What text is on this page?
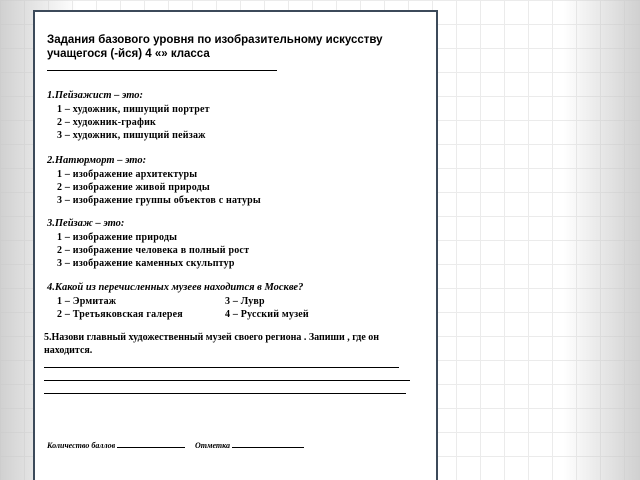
Задания базового уровня по изобразительному искусству
учащегося (-йся) 4 «» класса
1.Пейзажист – это:
1 – художник, пишущий портрет
2 – художник-график
3 – художник, пишущий пейзаж
2.Натюрморт – это:
1 – изображение архитектуры
2 – изображение живой природы
3 – изображение группы объектов с натуры
3.Пейзаж – это:
1 – изображение природы
2 – изображение человека в полный рост
3 – изображение каменных скульптур
4.Какой из перечисленных музеев находится в Москве?
1 – Эрмитаж	3 – Лувр
2 – Третьяковская галерея	4 – Русский музей
5.Назови главный художественный музей своего региона . Запиши , где он
находится.
Количество баллов	Отметка
